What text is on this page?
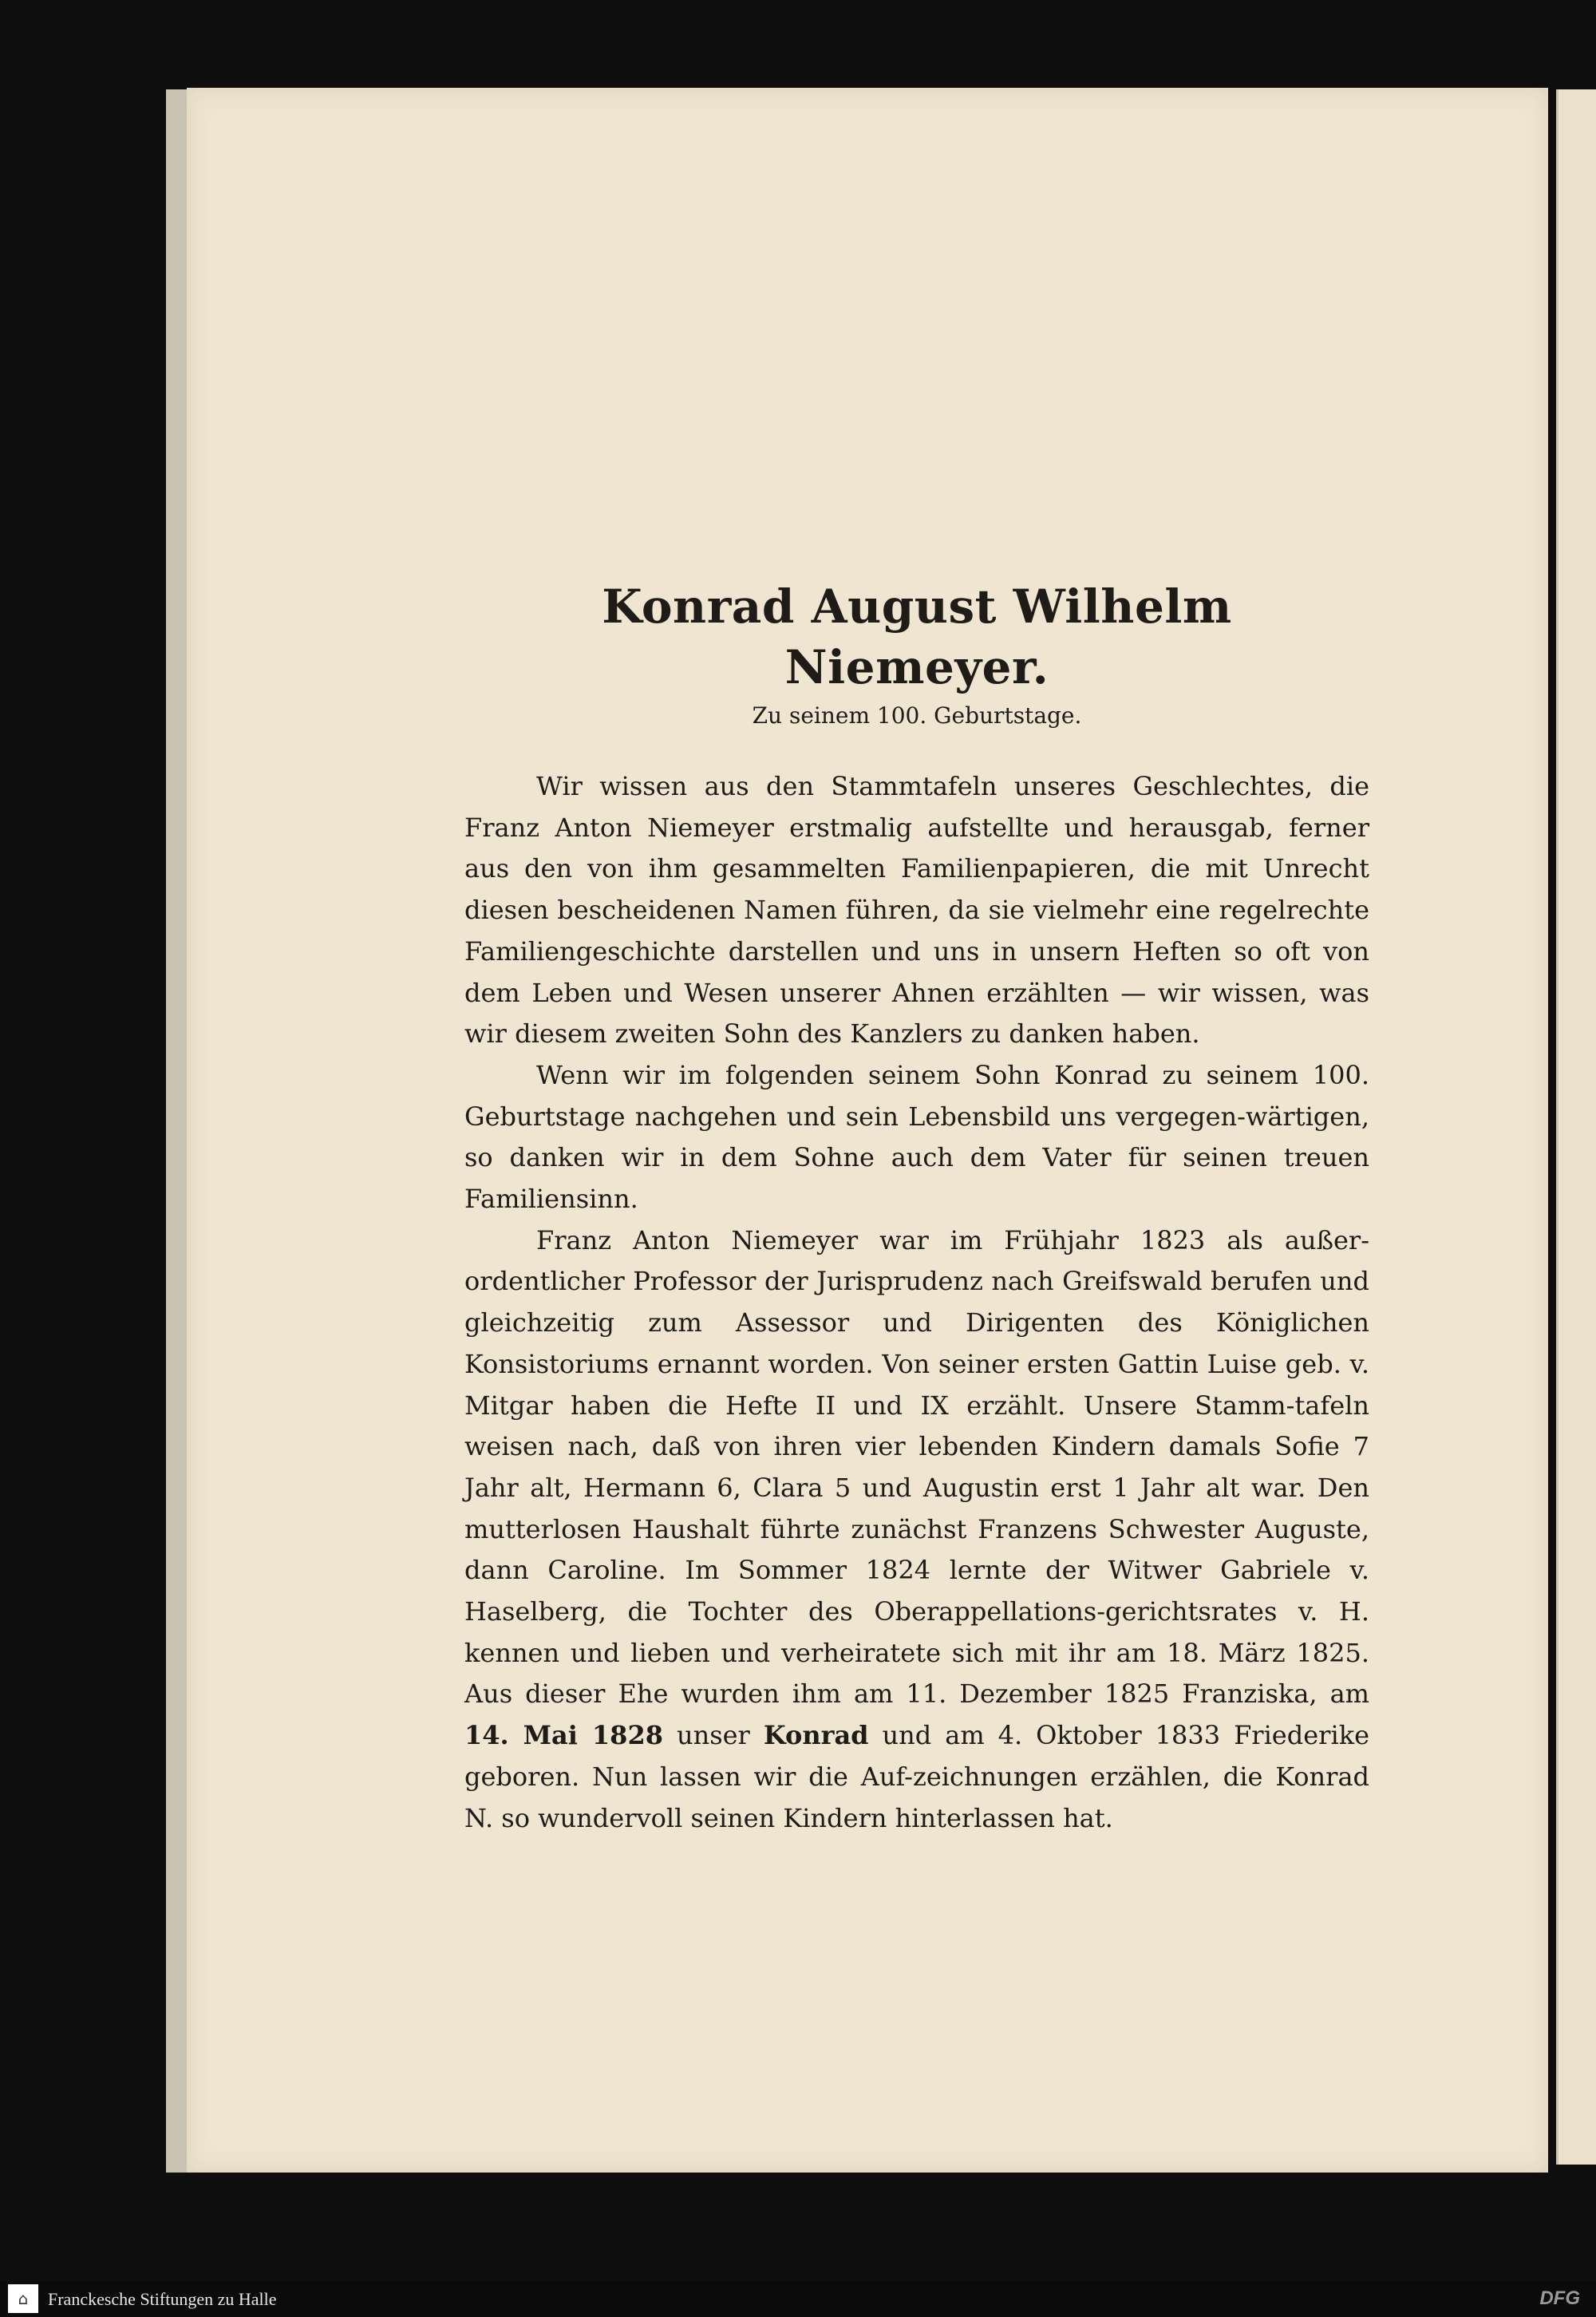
Konrad August Wilhelm Niemeyer.

Zu seinem 100. Geburtstage.

Wir wissen aus den Stammtafeln unseres Geschlechtes, die Franz Anton Niemeyer erstmalig aufstellte und herausgab, ferner aus den von ihm gesammelten Familienpapieren, die mit Unrecht diesen bescheidenen Namen führen, da sie vielmehr eine regelrechte Familiengeschichte darstellen und uns in unsern Heften so oft von dem Leben und Wesen unserer Ahnen erzählten — wir wissen, was wir diesem zweiten Sohn des Kanzlers zu danken haben.

Wenn wir im folgenden seinem Sohn Konrad zu seinem 100. Geburtstage nachgehen und sein Lebensbild uns vergegen-wärtigen, so danken wir in dem Sohne auch dem Vater für seinen treuen Familiensinn.

Franz Anton Niemeyer war im Frühjahr 1823 als außer-ordentlicher Professor der Jurisprudenz nach Greifswald berufen und gleichzeitig zum Assessor und Dirigenten des Königlichen Konsistoriums ernannt worden. Von seiner ersten Gattin Luise geb. v. Mitgar haben die Hefte II und IX erzählt. Unsere Stamm-tafeln weisen nach, daß von ihren vier lebenden Kindern damals Sofie 7 Jahr alt, Hermann 6, Clara 5 und Augustin erst 1 Jahr alt war. Den mutterlosen Haushalt führte zunächst Franzens Schwester Auguste, dann Caroline. Im Sommer 1824 lernte der Witwer Gabriele v. Haselberg, die Tochter des Oberappellations-gerichtsrates v. H. kennen und lieben und verheiratete sich mit ihr am 18. März 1825. Aus dieser Ehe wurden ihm am 11. Dezember 1825 Franziska, am 14. Mai 1828 unser Konrad und am 4. Oktober 1833 Friederike geboren. Nun lassen wir die Auf-zeichnungen erzählen, die Konrad N. so wundervoll seinen Kindern hinterlassen hat.

⌂	Franckesche Stiftungen zu Halle	DFG
